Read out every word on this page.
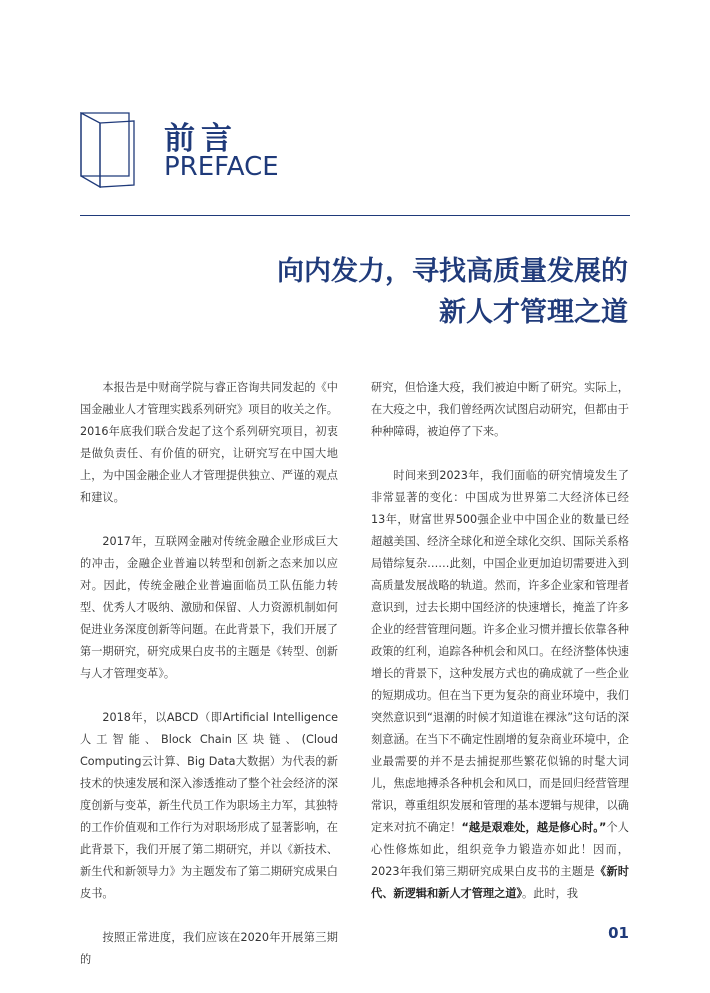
前言
PREFACE
向内发力，寻找高质量发展的
新人才管理之道

本报告是中财商学院与睿正咨询共同发起的《中国金融业人才管理实践系列研究》项目的收关之作。2016年底我们联合发起了这个系列研究项目，初衷是做负责任、有价值的研究，让研究写在中国大地上，为中国金融企业人才管理提供独立、严谨的观点和建议。

2017年，互联网金融对传统金融企业形成巨大的冲击，金融企业普遍以转型和创新之态来加以应对。因此，传统金融企业普遍面临员工队伍能力转型、优秀人才吸纳、激励和保留、人力资源机制如何促进业务深度创新等问题。在此背景下，我们开展了第一期研究，研究成果白皮书的主题是《转型、创新与人才管理变革》。

2018年，以ABCD（即Artificial Intelligence人工智能、Block Chain区块链、(Cloud Computing云计算、Big Data大数据）为代表的新技术的快速发展和深入渗透推动了整个社会经济的深度创新与变革，新生代员工作为职场主力军，其独特的工作价值观和工作行为对职场形成了显著影响，在此背景下，我们开展了第二期研究，并以《新技术、新生代和新领导力》为主题发布了第二期研究成果白皮书。

按照正常进度，我们应该在2020年开展第三期的

研究，但恰逢大疫，我们被迫中断了研究。实际上，在大疫之中，我们曾经两次试图启动研究，但都由于种种障碍，被迫停了下来。

时间来到2023年，我们面临的研究情境发生了非常显著的变化：中国成为世界第二大经济体已经13年，财富世界500强企业中中国企业的数量已经超越美国、经济全球化和逆全球化交织、国际关系格局错综复杂……此刻，中国企业更加迫切需要进入到高质量发展战略的轨道。然而，许多企业家和管理者意识到，过去长期中国经济的快速增长，掩盖了许多企业的经营管理问题。许多企业习惯并擅长依靠各种政策的红利，追踪各种机会和风口。在经济整体快速增长的背景下，这种发展方式也的确成就了一些企业的短期成功。但在当下更为复杂的商业环境中，我们突然意识到“退潮的时候才知道谁在裸泳”这句话的深刻意涵。在当下不确定性剧增的复杂商业环境中，企业最需要的并不是去捕捉那些繁花似锦的时髦大词儿，焦虑地搏杀各种机会和风口，而是回归经营管理常识，尊重组织发展和管理的基本逻辑与规律，以确定来对抗不确定！“越是艰难处，越是修心时。”个人心性修炼如此，组织竞争力锻造亦如此！因而，2023年我们第三期研究成果白皮书的主题是《新时代、新逻辑和新人才管理之道》。此时，我

01
